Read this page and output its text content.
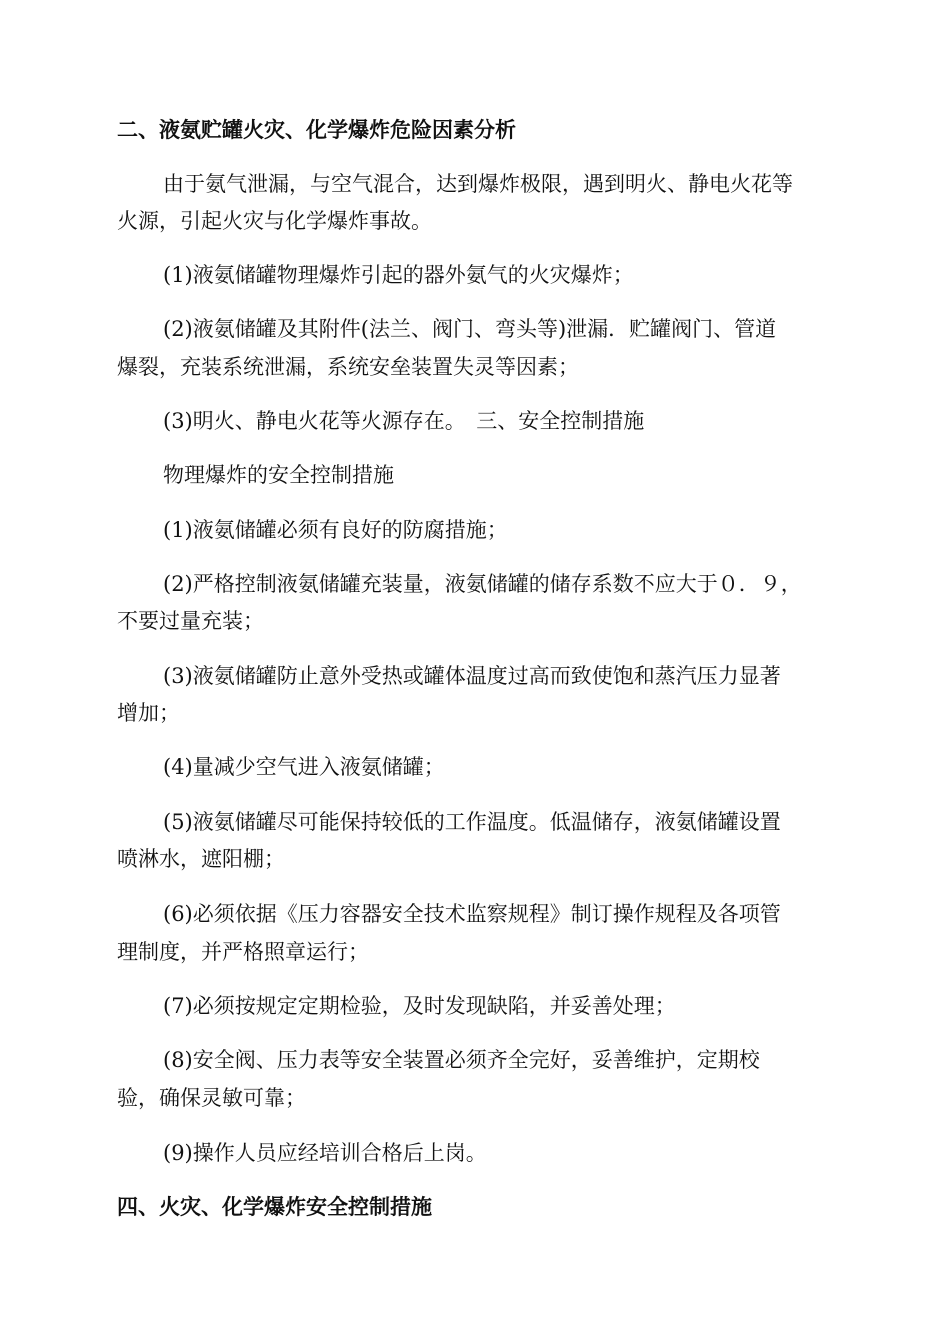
二、液氨贮罐火灾、化学爆炸危险因素分析
由于氨气泄漏，与空气混合，达到爆炸极限，遇到明火、静电火花等
火源，引起火灾与化学爆炸事故。
(1)液氨储罐物理爆炸引起的器外氨气的火灾爆炸；
(2)液氨储罐及其附件(法兰、阀门、弯头等)泄漏．贮罐阀门、管道
爆裂，充装系统泄漏，系统安垒装置失灵等因素；
(3)明火、静电火花等火源存在。　三、安全控制措施
物理爆炸的安全控制措施
(1)液氨储罐必须有良好的防腐措施；
(2)严格控制液氨储罐充装量，液氨储罐的储存系数不应大于０．９，
不要过量充装；
(3)液氨储罐防止意外受热或罐体温度过高而致使饱和蒸汽压力显著
增加；
(4)量减少空气进入液氨储罐；
(5)液氨储罐尽可能保持较低的工作温度。低温储存，液氨储罐设置
喷淋水，遮阳棚；
(6)必须依据《压力容器安全技术监察规程》制订操作规程及各项管
理制度，并严格照章运行；
(7)必须按规定定期检验，及时发现缺陷，并妥善处理；
(8)安全阀、压力表等安全装置必须齐全完好，妥善维护，定期校
验，确保灵敏可靠；
(9)操作人员应经培训合格后上岗。
四、火灾、化学爆炸安全控制措施
